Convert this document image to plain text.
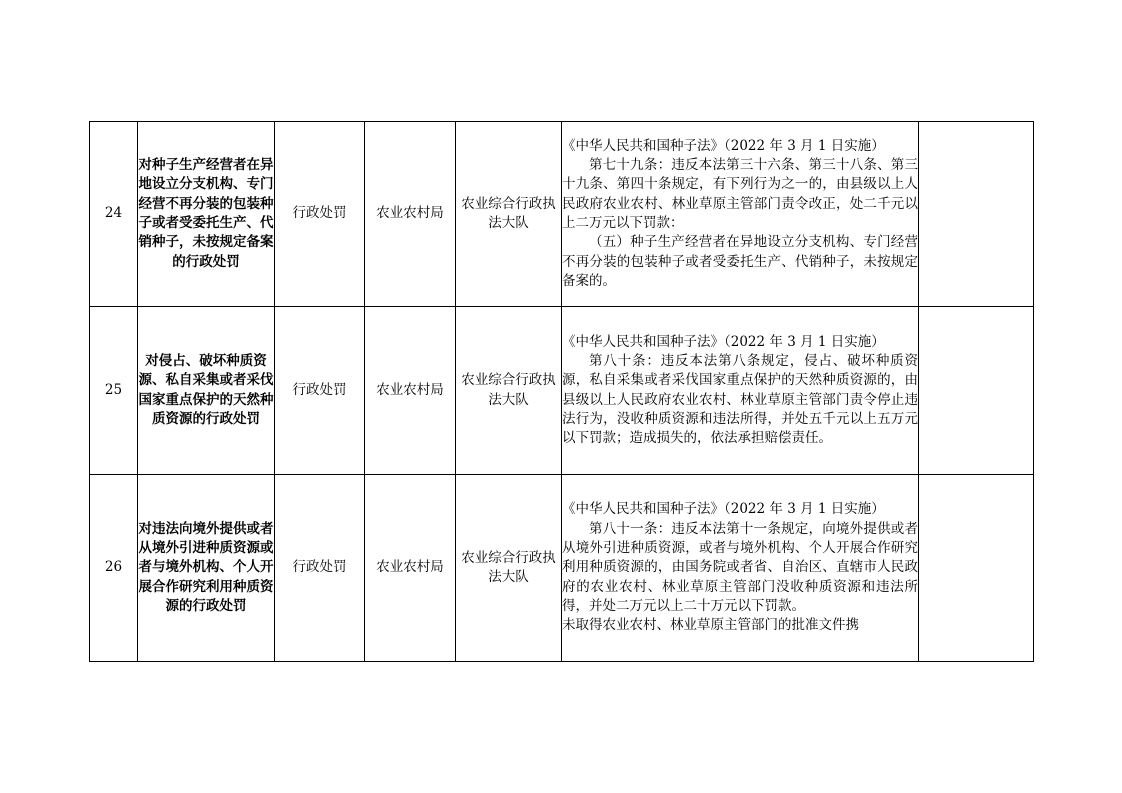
24	对种子生产经营者在异地设立分支机构、专门经营不再分装的包装种子或者受委托生产、代销种子，未按规定备案的行政处罚	行政处罚	农业农村局	农业综合行政执法大队	《中华人民共和国种子法》（2022 年 3 月 1 日实施）

第七十九条：违反本法第三十六条、第三十八条、第三十九条、第四十条规定，有下列行为之一的，由县级以上人民政府农业农村、林业草原主管部门责令改正，处二千元以上二万元以下罚款：

（五）种子生产经营者在异地设立分支机构、专门经营不再分装的包装种子或者受委托生产、代销种子，未按规定备案的。	

25	对侵占、破坏种质资源、私自采集或者采伐国家重点保护的天然种质资源的行政处罚	行政处罚	农业农村局	农业综合行政执法大队	《中华人民共和国种子法》（2022 年 3 月 1 日实施）

第八十条：违反本法第八条规定，侵占、破坏种质资源，私自采集或者采伐国家重点保护的天然种质资源的，由县级以上人民政府农业农村、林业草原主管部门责令停止违法行为，没收种质资源和违法所得，并处五千元以上五万元以下罚款；造成损失的，依法承担赔偿责任。	

26	对违法向境外提供或者从境外引进种质资源或者与境外机构、个人开展合作研究利用种质资源的行政处罚	行政处罚	农业农村局	农业综合行政执法大队	《中华人民共和国种子法》（2022 年 3 月 1 日实施）

第八十一条：违反本法第十一条规定，向境外提供或者从境外引进种质资源，或者与境外机构、个人开展合作研究利用种质资源的，由国务院或者省、自治区、直辖市人民政府的农业农村、林业草原主管部门没收种质资源和违法所得，并处二万元以上二十万元以下罚款。

未取得农业农村、林业草原主管部门的批准文件携	
